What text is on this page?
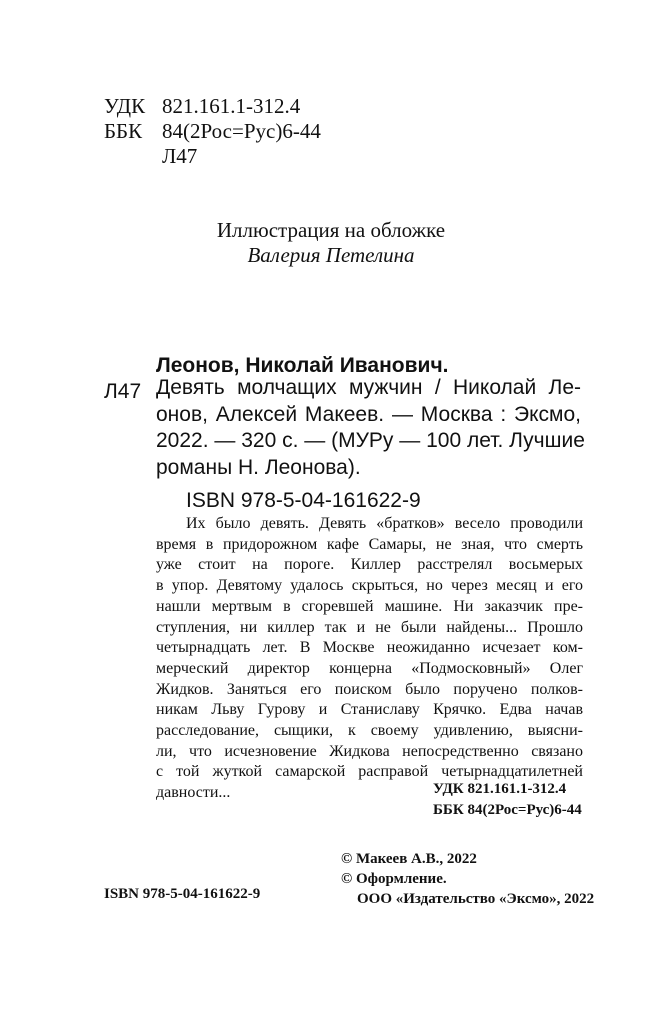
УДК 821.161.1-312.4
ББК 84(2Рос=Рус)6-44
Л47
Иллюстрация на обложке
Валерия Петелина
Леонов, Николай Иванович.
Л47 Девять молчащих мужчин / Николай Ле-
онов, Алексей Макеев. — Москва : Эксмо,
2022. — 320 с. — (МУРу — 100 лет. Лучшие
романы Н. Леонова).
ISBN 978-5-04-161622-9
Их было девять. Девять «братков» весело проводили
время в придорожном кафе Самары, не зная, что смерть
уже стоит на пороге. Киллер расстрелял восьмерых
в упор. Девятому удалось скрыться, но через месяц и его
нашли мертвым в сгоревшей машине. Ни заказчик пре-
ступления, ни киллер так и не были найдены... Прошло
четырнадцать лет. В Москве неожиданно исчезает ком-
мерческий директор концерна «Подмосковный» Олег
Жидков. Заняться его поиском было поручено полков-
никам Льву Гурову и Станиславу Крячко. Едва начав
расследование, сыщики, к своему удивлению, выясни-
ли, что исчезновение Жидкова непосредственно связано
с той жуткой самарской расправой четырнадцатилетней
давности...	УДК 821.161.1-312.4
ББК 84(2Рос=Рус)6-44
© Макеев А.В., 2022
© Оформление.
ООО «Издательство «Эксмо», 2022
ISBN 978-5-04-161622-9
